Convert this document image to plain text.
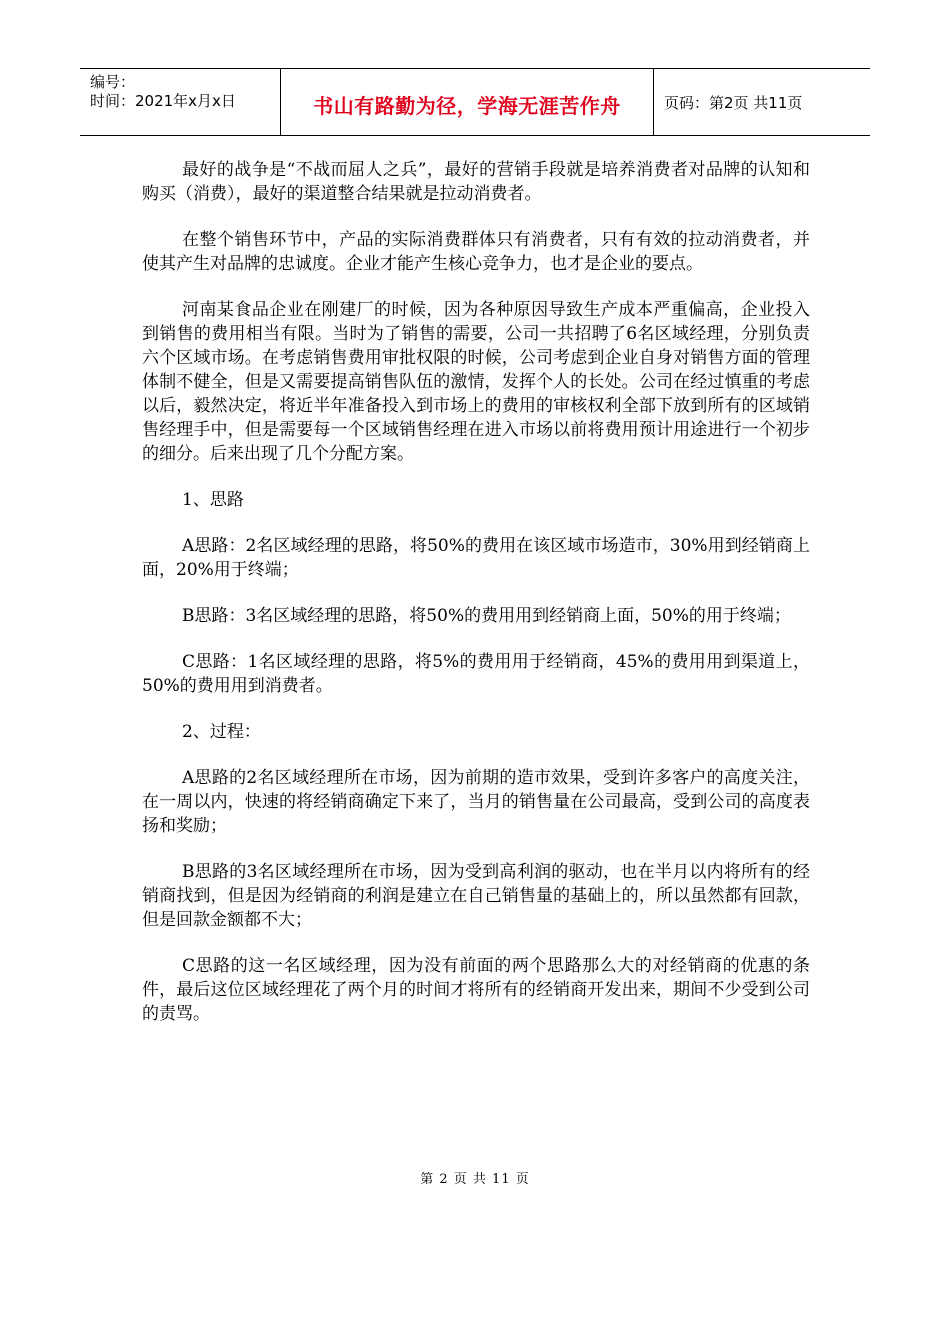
编号：
时间：2021年x月x日	书山有路勤为径，学海无涯苦作舟	页码：第2页 共11页

最好的战争是“不战而屈人之兵”，最好的营销手段就是培养消费者对品牌的认知和购买（消费），最好的渠道整合结果就是拉动消费者。

在整个销售环节中，产品的实际消费群体只有消费者，只有有效的拉动消费者，并使其产生对品牌的忠诚度。企业才能产生核心竞争力，也才是企业的要点。

河南某食品企业在刚建厂的时候，因为各种原因导致生产成本严重偏高，企业投入到销售的费用相当有限。当时为了销售的需要，公司一共招聘了6名区域经理，分别负责六个区域市场。在考虑销售费用审批权限的时候，公司考虑到企业自身对销售方面的管理体制不健全，但是又需要提高销售队伍的激情，发挥个人的长处。公司在经过慎重的考虑以后，毅然决定，将近半年准备投入到市场上的费用的审核权利全部下放到所有的区域销售经理手中，但是需要每一个区域销售经理在进入市场以前将费用预计用途进行一个初步的细分。后来出现了几个分配方案。

1、思路

A思路：2名区域经理的思路，将50%的费用在该区域市场造市，30%用到经销商上面，20%用于终端；

B思路：3名区域经理的思路，将50%的费用用到经销商上面，50%的用于终端；

C思路：1名区域经理的思路，将5%的费用用于经销商，45%的费用用到渠道上，50%的费用用到消费者。

2、过程：

A思路的2名区域经理所在市场，因为前期的造市效果，受到许多客户的高度关注，在一周以内，快速的将经销商确定下来了，当月的销售量在公司最高，受到公司的高度表扬和奖励；

B思路的3名区域经理所在市场，因为受到高利润的驱动，也在半月以内将所有的经销商找到，但是因为经销商的利润是建立在自己销售量的基础上的，所以虽然都有回款，但是回款金额都不大；

C思路的这一名区域经理，因为没有前面的两个思路那么大的对经销商的优惠的条件，最后这位区域经理花了两个月的时间才将所有的经销商开发出来，期间不少受到公司的责骂。

第 2 页 共 11 页
